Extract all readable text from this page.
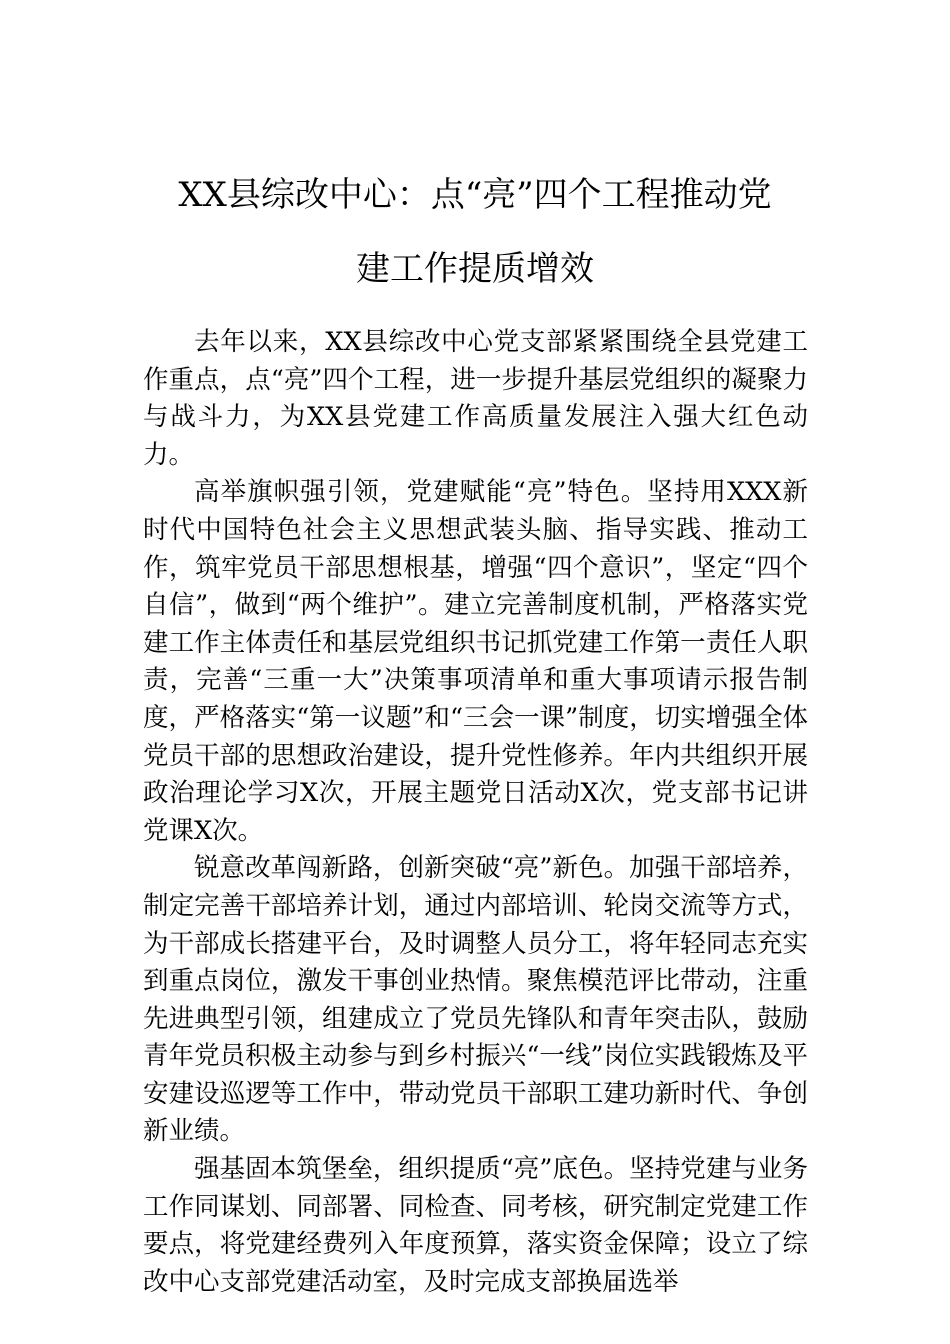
XX县综改中心：点“亮”四个工程推动党
建工作提质增效

去年以来，XX县综改中心党支部紧紧围绕全县党建工作重点，点“亮”四个工程，进一步提升基层党组织的凝聚力与战斗力，为XX县党建工作高质量发展注入强大红色动力。

高举旗帜强引领，党建赋能“亮”特色。坚持用XXX新时代中国特色社会主义思想武装头脑、指导实践、推动工作，筑牢党员干部思想根基，增强“四个意识”，坚定“四个自信”，做到“两个维护”。建立完善制度机制，严格落实党建工作主体责任和基层党组织书记抓党建工作第一责任人职责，完善“三重一大”决策事项清单和重大事项请示报告制度，严格落实“第一议题”和“三会一课”制度，切实增强全体党员干部的思想政治建设，提升党性修养。年内共组织开展政治理论学习X次，开展主题党日活动X次，党支部书记讲党课X次。

锐意改革闯新路，创新突破“亮”新色。加强干部培养，制定完善干部培养计划，通过内部培训、轮岗交流等方式，为干部成长搭建平台，及时调整人员分工，将年轻同志充实到重点岗位，激发干事创业热情。聚焦模范评比带动，注重先进典型引领，组建成立了党员先锋队和青年突击队，鼓励青年党员积极主动参与到乡村振兴“一线”岗位实践锻炼及平安建设巡逻等工作中，带动党员干部职工建功新时代、争创新业绩。

强基固本筑堡垒，组织提质“亮”底色。坚持党建与业务工作同谋划、同部署、同检查、同考核，研究制定党建工作要点，将党建经费列入年度预算，落实资金保障；设立了综改中心支部党建活动室，及时完成支部换届选举
